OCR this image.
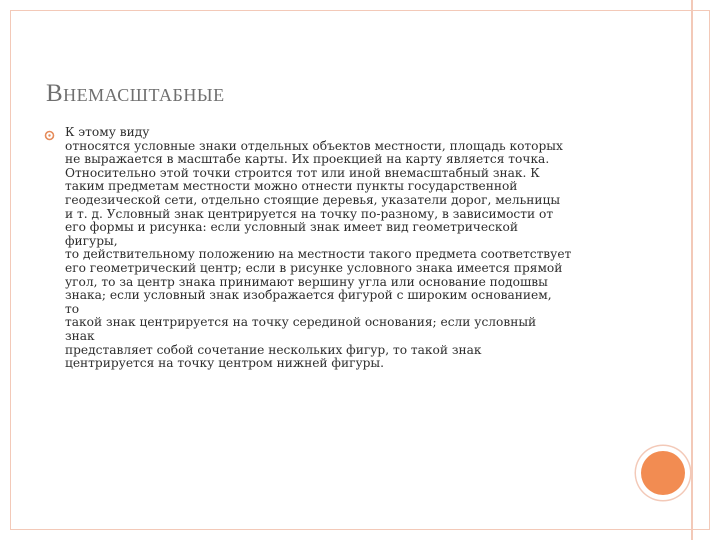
Внемасштабные
К этому виду
относятся условные знаки отдельных объектов местности, площадь которых
не выражается в масштабе карты. Их проекцией на карту является точка.
Относительно этой точки строится тот или иной внемасштабный знак. К
таким предметам местности можно отнести пункты государственной
геодезической сети, отдельно стоящие деревья, указатели дорог, мельницы
и т. д. Условный знак центрируется на точку по-разному, в зависимости от
его формы и рисунка: если условный знак имеет вид геометрической
фигуры,
то действительному положению на местности такого предмета соответствует
его геометрический центр; если в рисунке условного знака имеется прямой
угол, то за центр знака принимают вершину угла или основание подошвы
знака; если условный знак изображается фигурой с широким основанием,
то
такой знак центрируется на точку серединой основания; если условный
знак
представляет собой сочетание нескольких фигур, то такой знак
центрируется на точку центром нижней фигуры.
